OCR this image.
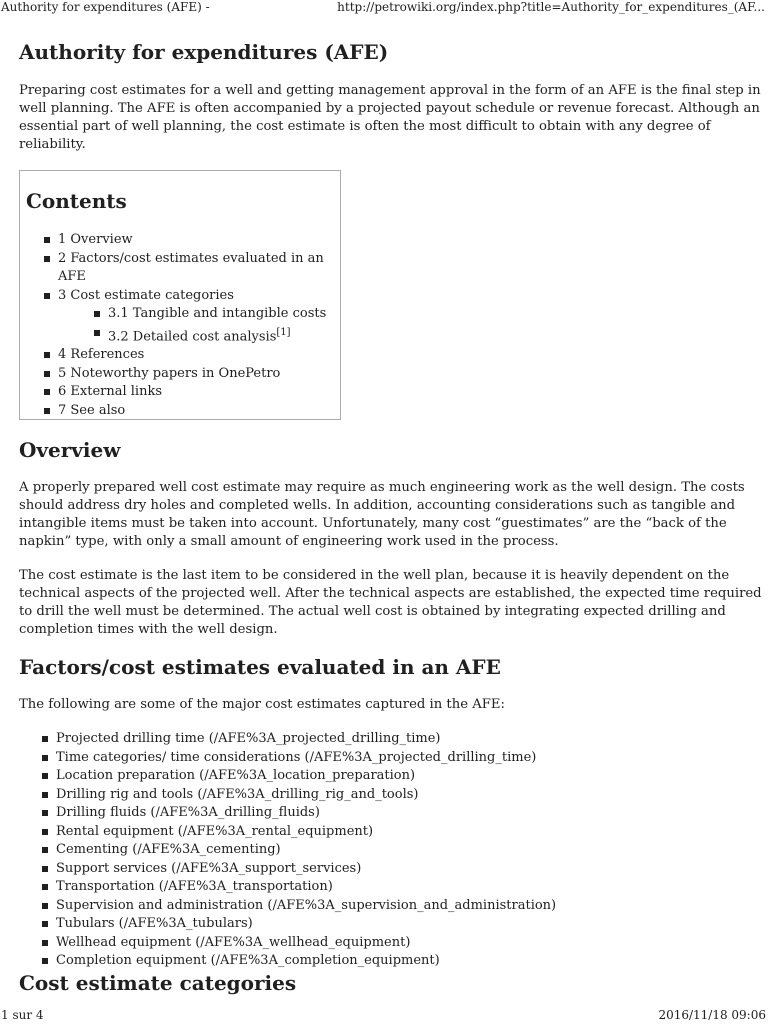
Authority for expenditures (AFE) -	http://petrowiki.org/index.php?title=Authority_for_expenditures_(AF...
Authority for expenditures (AFE)

Preparing cost estimates for a well and getting management approval in the form of an AFE is the final step in well planning. The AFE is often accompanied by a projected payout schedule or revenue forecast. Although an essential part of well planning, the cost estimate is often the most difficult to obtain with any degree of reliability.

Contents
1 Overview
2 Factors/cost estimates evaluated in an AFE
3 Cost estimate categories
3.1 Tangible and intangible costs
3.2 Detailed cost analysis[1]
4 References
5 Noteworthy papers in OnePetro
6 External links
7 See also
Overview

A properly prepared well cost estimate may require as much engineering work as the well design. The costs should address dry holes and completed wells. In addition, accounting considerations such as tangible and intangible items must be taken into account. Unfortunately, many cost “guestimates” are the “back of the napkin” type, with only a small amount of engineering work used in the process.

The cost estimate is the last item to be considered in the well plan, because it is heavily dependent on the technical aspects of the projected well. After the technical aspects are established, the expected time required to drill the well must be determined. The actual well cost is obtained by integrating expected drilling and completion times with the well design.

Factors/cost estimates evaluated in an AFE

The following are some of the major cost estimates captured in the AFE:

Projected drilling time (/AFE%3A_projected_drilling_time)
Time categories/ time considerations (/AFE%3A_projected_drilling_time)
Location preparation (/AFE%3A_location_preparation)
Drilling rig and tools (/AFE%3A_drilling_rig_and_tools)
Drilling fluids (/AFE%3A_drilling_fluids)
Rental equipment (/AFE%3A_rental_equipment)
Cementing (/AFE%3A_cementing)
Support services (/AFE%3A_support_services)
Transportation (/AFE%3A_transportation)
Supervision and administration (/AFE%3A_supervision_and_administration)
Tubulars (/AFE%3A_tubulars)
Wellhead equipment (/AFE%3A_wellhead_equipment)
Completion equipment (/AFE%3A_completion_equipment)
Cost estimate categories
1 sur 4	2016/11/18 09:06
